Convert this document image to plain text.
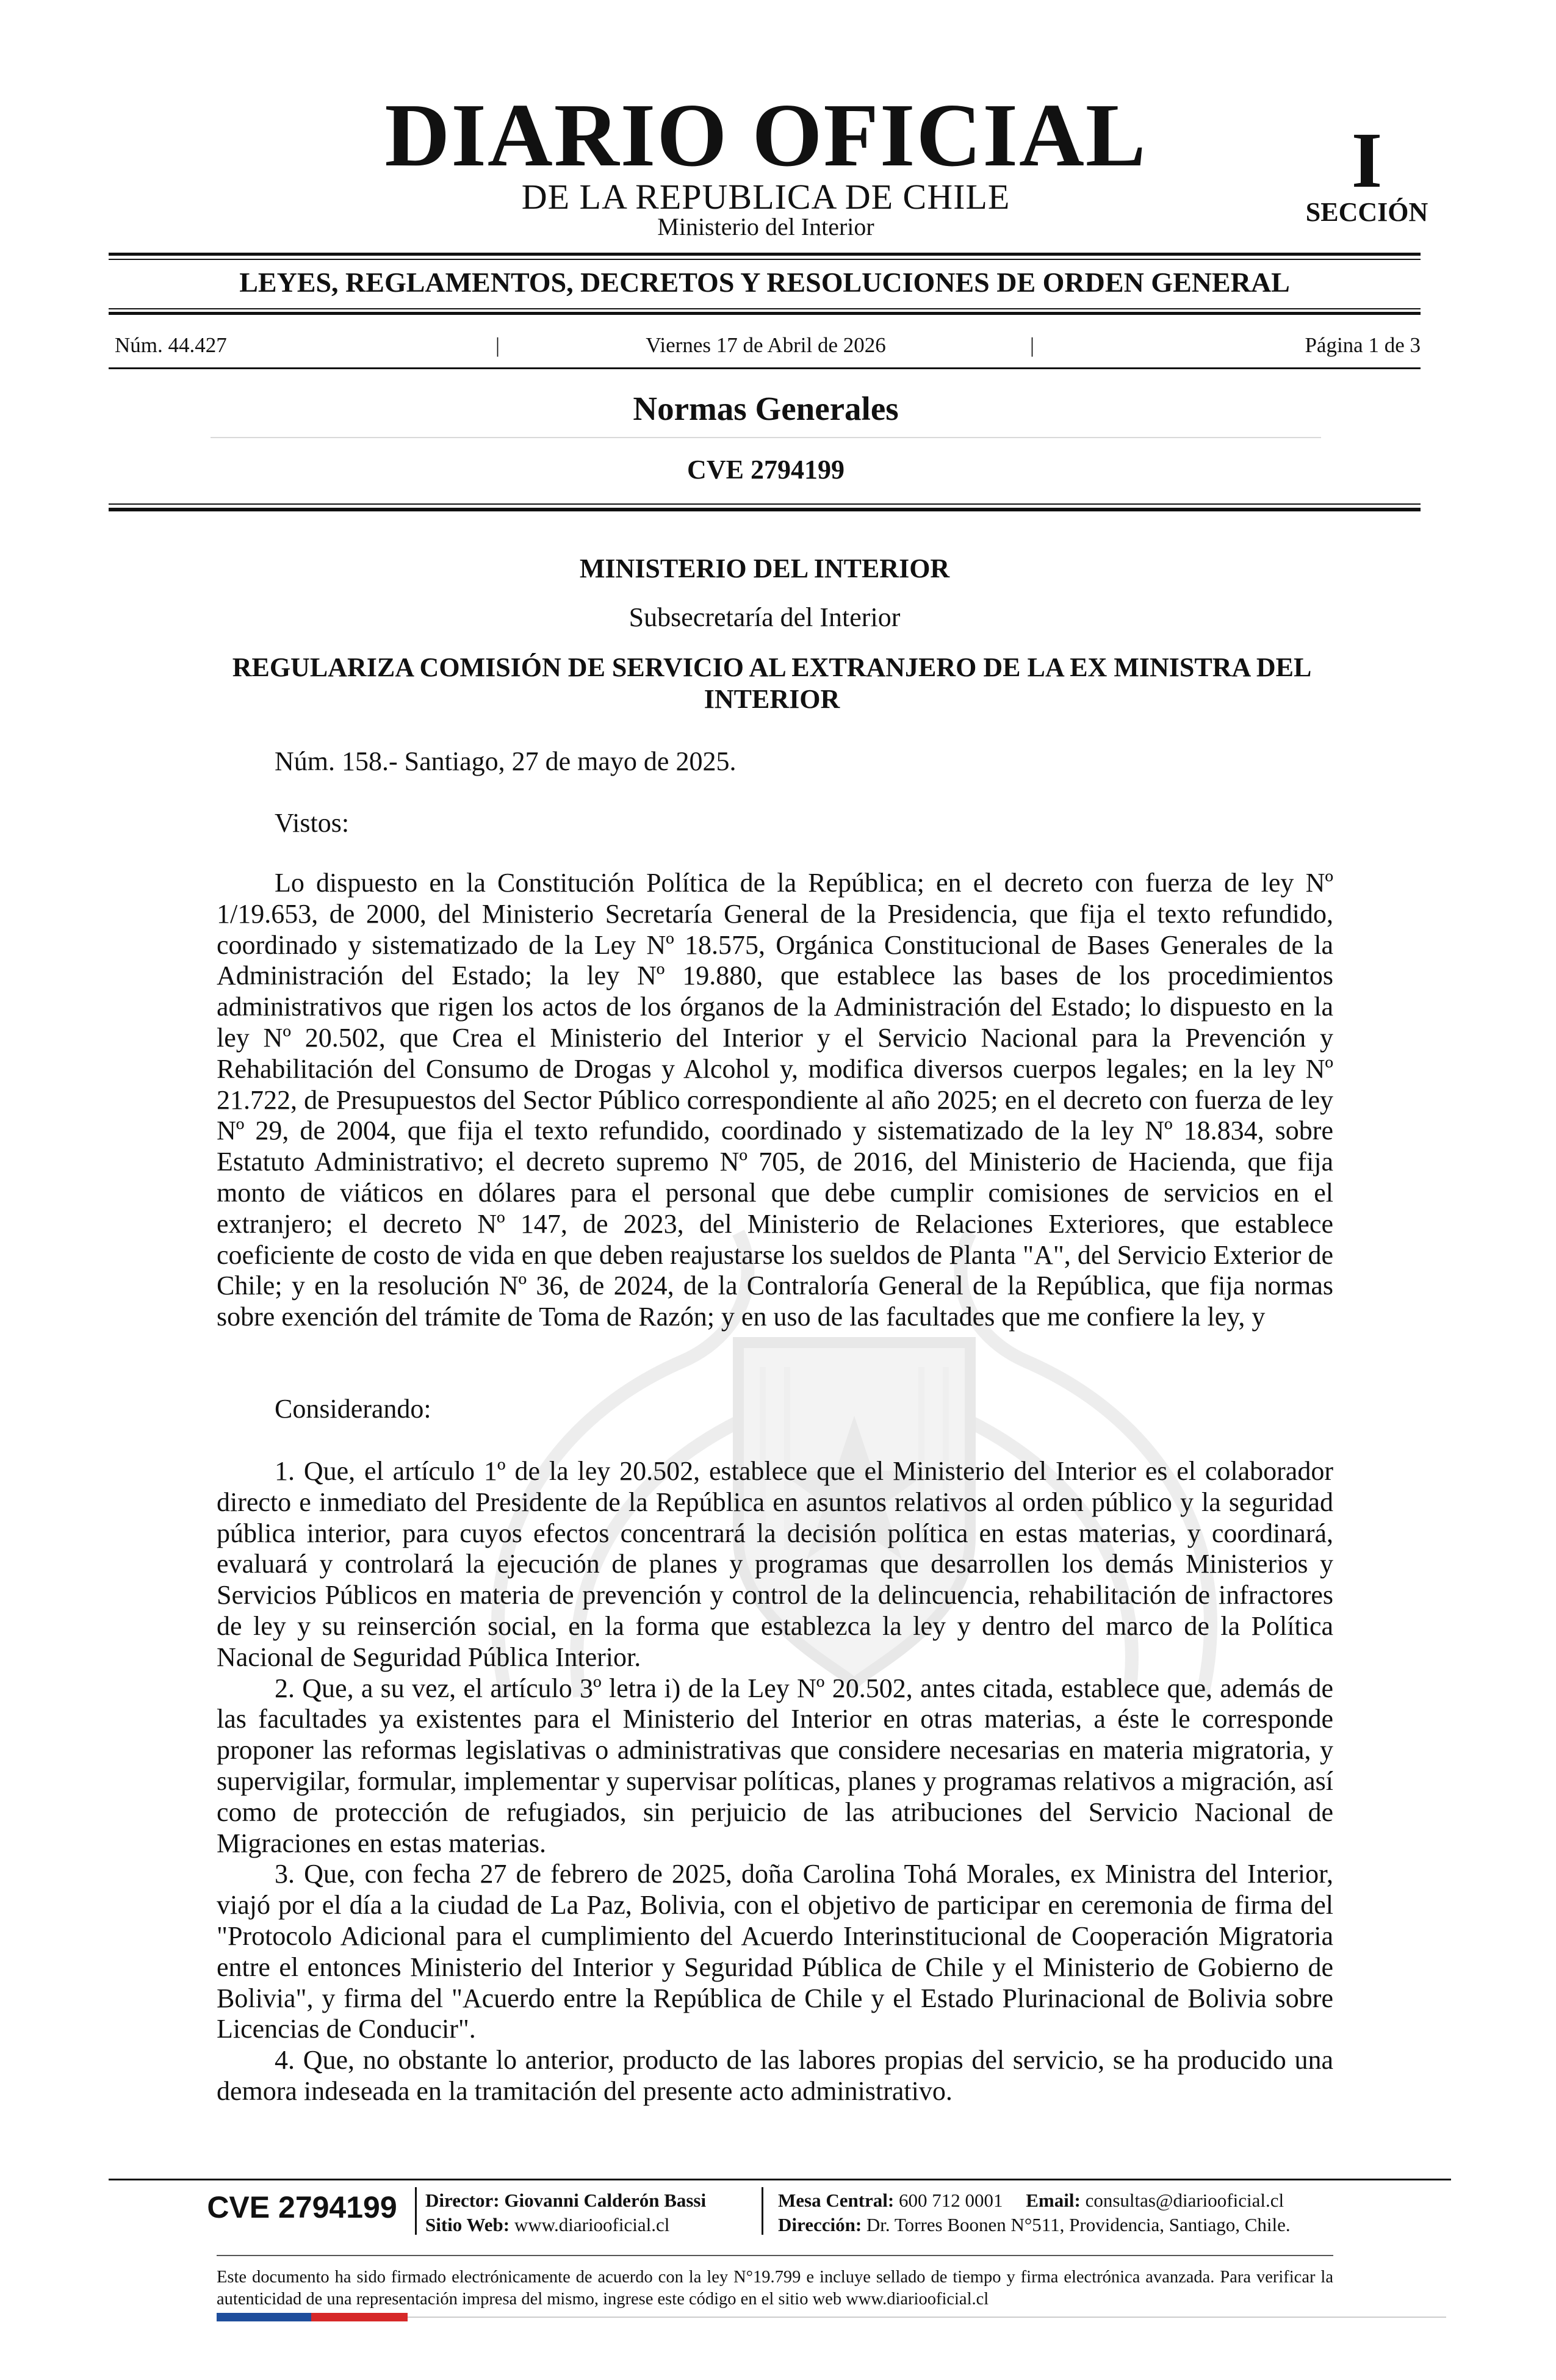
DIARIO OFICIAL
DE LA REPUBLICA DE CHILE
Ministerio del Interior
I
SECCIÓN
LEYES, REGLAMENTOS, DECRETOS Y RESOLUCIONES DE ORDEN GENERAL
Núm. 44.427	|	Viernes 17 de Abril de 2026	|	Página 1 de 3
Normas Generales
CVE 2794199
MINISTERIO DEL INTERIOR
Subsecretaría del Interior
REGULARIZA COMISIÓN DE SERVICIO AL EXTRANJERO DE LA EX MINISTRA DEL INTERIOR
Núm. 158.- Santiago, 27 de mayo de 2025.
Vistos:

Lo dispuesto en la Constitución Política de la República; en el decreto con fuerza de ley Nº 1/19.653, de 2000, del Ministerio Secretaría General de la Presidencia, que fija el texto refundido, coordinado y sistematizado de la Ley Nº 18.575, Orgánica Constitucional de Bases Generales de la Administración del Estado; la ley Nº 19.880, que establece las bases de los procedimientos administrativos que rigen los actos de los órganos de la Administración del Estado; lo dispuesto en la ley Nº 20.502, que Crea el Ministerio del Interior y el Servicio Nacional para la Prevención y Rehabilitación del Consumo de Drogas y Alcohol y, modifica diversos cuerpos legales; en la ley Nº 21.722, de Presupuestos del Sector Público correspondiente al año 2025; en el decreto con fuerza de ley Nº 29, de 2004, que fija el texto refundido, coordinado y sistematizado de la ley Nº 18.834, sobre Estatuto Administrativo; el decreto supremo Nº 705, de 2016, del Ministerio de Hacienda, que fija monto de viáticos en dólares para el personal que debe cumplir comisiones de servicios en el extranjero; el decreto Nº 147, de 2023, del Ministerio de Relaciones Exteriores, que establece coeficiente de costo de vida en que deben reajustarse los sueldos de Planta "A", del Servicio Exterior de Chile; y en la resolución Nº 36, de 2024, de la Contraloría General de la República, que fija normas sobre exención del trámite de Toma de Razón; y en uso de las facultades que me confiere la ley, y

Considerando:

1. Que, el artículo 1º de la ley 20.502, establece que el Ministerio del Interior es el colaborador directo e inmediato del Presidente de la República en asuntos relativos al orden público y la seguridad pública interior, para cuyos efectos concentrará la decisión política en estas materias, y coordinará, evaluará y controlará la ejecución de planes y programas que desarrollen los demás Ministerios y Servicios Públicos en materia de prevención y control de la delincuencia, rehabilitación de infractores de ley y su reinserción social, en la forma que establezca la ley y dentro del marco de la Política Nacional de Seguridad Pública Interior.

2. Que, a su vez, el artículo 3º letra i) de la Ley Nº 20.502, antes citada, establece que, además de las facultades ya existentes para el Ministerio del Interior en otras materias, a éste le corresponde proponer las reformas legislativas o administrativas que considere necesarias en materia migratoria, y supervigilar, formular, implementar y supervisar políticas, planes y programas relativos a migración, así como de protección de refugiados, sin perjuicio de las atribuciones del Servicio Nacional de Migraciones en estas materias.

3. Que, con fecha 27 de febrero de 2025, doña Carolina Tohá Morales, ex Ministra del Interior, viajó por el día a la ciudad de La Paz, Bolivia, con el objetivo de participar en ceremonia de firma del "Protocolo Adicional para el cumplimiento del Acuerdo Interinstitucional de Cooperación Migratoria entre el entonces Ministerio del Interior y Seguridad Pública de Chile y el Ministerio de Gobierno de Bolivia", y firma del "Acuerdo entre la República de Chile y el Estado Plurinacional de Bolivia sobre Licencias de Conducir".

4. Que, no obstante lo anterior, producto de las labores propias del servicio, se ha producido una demora indeseada en la tramitación del presente acto administrativo.

CVE 2794199	Director: Giovanni Calderón Bassi
Sitio Web: www.diariooficial.cl
Mesa Central: 600 712 0001 Email: consultas@diariooficial.cl
Dirección: Dr. Torres Boonen N°511, Providencia, Santiago, Chile.
Este documento ha sido firmado electrónicamente de acuerdo con la ley N°19.799 e incluye sellado de tiempo y firma electrónica avanzada. Para verificar la autenticidad de una representación impresa del mismo, ingrese este código en el sitio web www.diariooficial.cl
